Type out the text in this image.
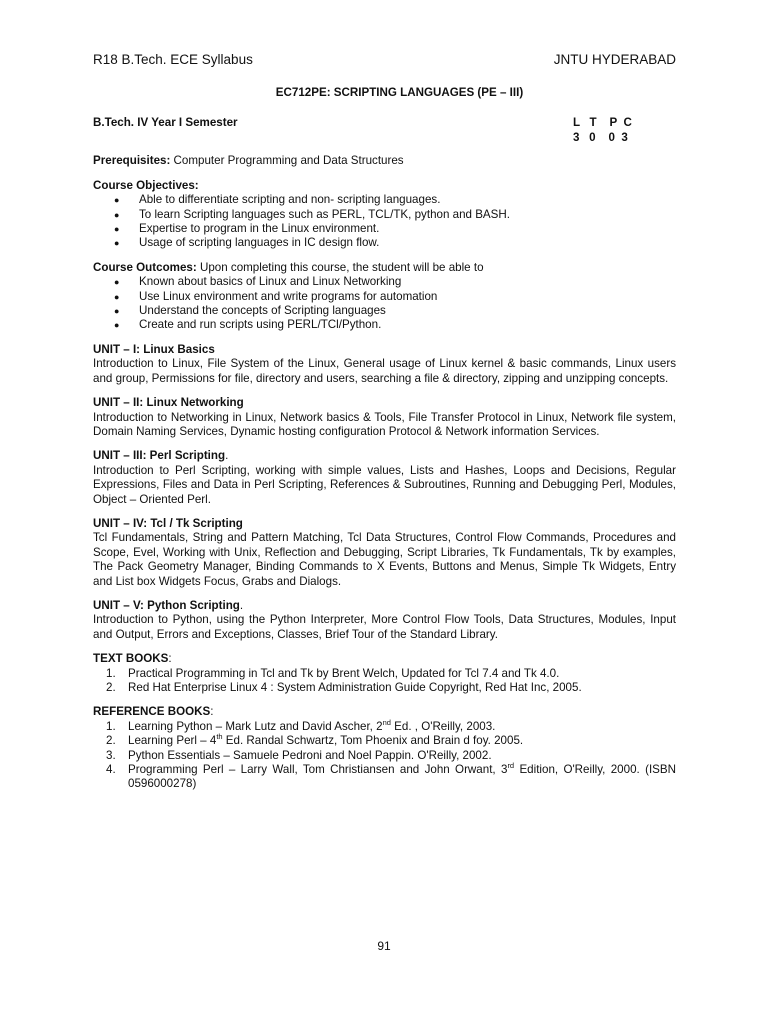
R18 B.Tech. ECE Syllabus	JNTU HYDERABAD
EC712PE: SCRIPTING LANGUAGES (PE – III)
B.Tech. IV Year I Semester	L   T    P  C
3   0    0  3
Prerequisites: Computer Programming and Data Structures
Course Objectives:
● Able to differentiate scripting and non- scripting languages.
● To learn Scripting languages such as PERL, TCL/TK, python and BASH.
● Expertise to program in the Linux environment.
● Usage of scripting languages in IC design flow.
Course Outcomes: Upon completing this course, the student will be able to
● Known about basics of Linux and Linux Networking
● Use Linux environment and write programs for automation
● Understand the concepts of Scripting languages
● Create and run scripts using PERL/TCl/Python.
UNIT – I: Linux Basics

Introduction to Linux, File System of the Linux, General usage of Linux kernel & basic commands, Linux users and group, Permissions for file, directory and users, searching a file & directory, zipping and unzipping concepts.

UNIT – II: Linux Networking

Introduction to Networking in Linux, Network basics & Tools, File Transfer Protocol in Linux, Network file system, Domain Naming Services, Dynamic hosting configuration Protocol & Network information Services.

UNIT – III: Perl Scripting.

Introduction to Perl Scripting, working with simple values, Lists and Hashes, Loops and Decisions, Regular Expressions, Files and Data in Perl Scripting, References & Subroutines, Running and Debugging Perl, Modules, Object – Oriented Perl.

UNIT – IV: Tcl / Tk Scripting

Tcl Fundamentals, String and Pattern Matching, Tcl Data Structures, Control Flow Commands, Procedures and Scope, Evel, Working with Unix, Reflection and Debugging, Script Libraries, Tk Fundamentals, Tk by examples, The Pack Geometry Manager, Binding Commands to X Events, Buttons and Menus, Simple Tk Widgets, Entry and List box Widgets Focus, Grabs and Dialogs.

UNIT – V: Python Scripting.

Introduction to Python, using the Python Interpreter, More Control Flow Tools, Data Structures, Modules, Input and Output, Errors and Exceptions, Classes, Brief Tour of the Standard Library.

TEXT BOOKS:
1. Practical Programming in Tcl and Tk by Brent Welch, Updated for Tcl 7.4 and Tk 4.0.
2. Red Hat Enterprise Linux 4 : System Administration Guide Copyright, Red Hat Inc, 2005.
REFERENCE BOOKS:
1. Learning Python – Mark Lutz and David Ascher, 2nd Ed. , O'Reilly, 2003.
2. Learning Perl – 4th Ed. Randal Schwartz, Tom Phoenix and Brain d foy. 2005.
3. Python Essentials – Samuele Pedroni and Noel Pappin. O'Reilly, 2002.
4. Programming Perl – Larry Wall, Tom Christiansen and John Orwant, 3rd Edition, O'Reilly, 2000. (ISBN 0596000278)
91
